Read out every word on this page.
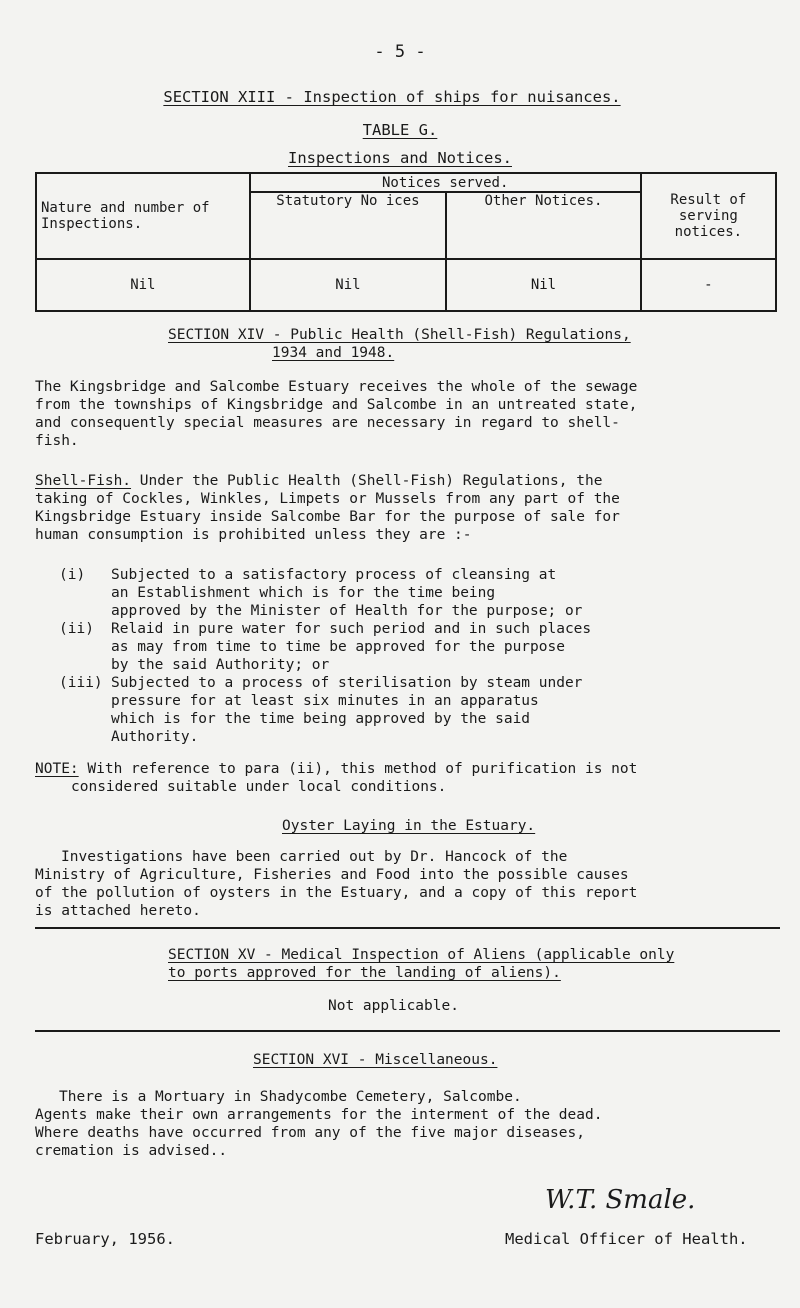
- 5 -
SECTION XIII - Inspection of ships for nuisances.
TABLE G.
Inspections and Notices.
Nature and number of Inspections.	Notices served.		Result of serving notices.
	Statutory No ices	Other Notices.	
Nil	Nil	Nil	-
SECTION XIV - Public Health (Shell-Fish) Regulations,
1934 and 1948.
The Kingsbridge and Salcombe Estuary receives the whole of the sewage
from the townships of Kingsbridge and Salcombe in an untreated state,
and consequently special measures are necessary in regard to shell-
fish.
Shell-Fish. Under the Public Health (Shell-Fish) Regulations, the
taking of Cockles, Winkles, Limpets or Mussels from any part of the
Kingsbridge Estuary inside Salcombe Bar for the purpose of sale for
human consumption is prohibited unless they are :-
(i) Subjected to a satisfactory process of cleansing at
an Establishment which is for the time being
approved by the Minister of Health for the purpose; or
(ii) Relaid in pure water for such period and in such places
as may from time to time be approved for the purpose
by the said Authority; or
(iii) Subjected to a process of sterilisation by steam under
pressure for at least six minutes in an apparatus
which is for the time being approved by the said
Authority.
NOTE: With reference to para (ii), this method of purification is not
considered suitable under local conditions.
Oyster Laying in the Estuary.
Investigations have been carried out by Dr. Hancock of the
Ministry of Agriculture, Fisheries and Food into the possible causes
of the pollution of oysters in the Estuary, and a copy of this report
is attached hereto.
SECTION XV - Medical Inspection of Aliens (applicable only
to ports approved for the landing of aliens).
Not applicable.
SECTION XVI - Miscellaneous.
There is a Mortuary in Shadycombe Cemetery, Salcombe.
Agents make their own arrangements for the interment of the dead.
Where deaths have occurred from any of the five major diseases,
cremation is advised..
W.T. Smale.
February, 1956.	Medical Officer of Health.
